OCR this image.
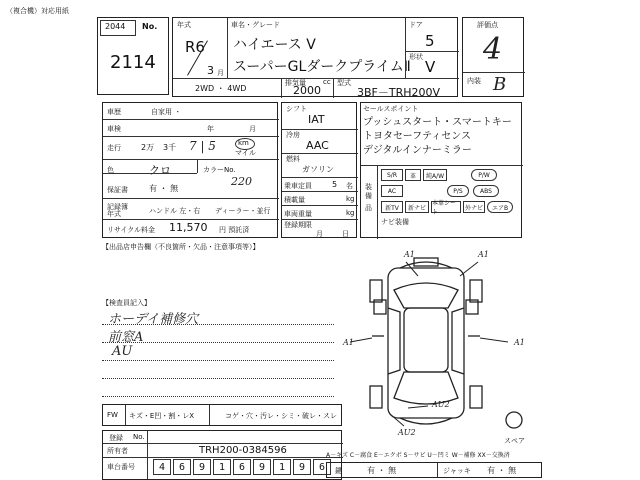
（複合機）対応用紙
2044 No.
2114
年式
R6
3 月
車名・グレード
ハイエース V
スーパーGLダークプライムⅡ
ドア
5
形状
V
2WD ・ 4WD
排気量
2000
cc 型式
3BF－TRH200V
評価点
4
内装 B
車歴	自家用 ・
車検	年	月
走行	2万 3千 7 | 5	km
マイル
色	クロ	カラーNo.
220
保証書	有 ・ 無
記録簿
年式	ハンドル 左・右 ディーラー・並行
リサイクル料金 11,570 円 預託済
【出品店申告欄（不良箇所・欠品・注意事項等）】
シフト
IAT
冷房
AAC
燃料
ガソリン
乗車定員	5 名
積載量	kg
車両重量	kg
登録期限
月	日
セールスポイント
プッシュスタート・スマートキー
トヨタセーフティセンス
デジタルインナーミラー
装備
品
S/R	革	純A/W	P/W
AC	P/S	ABS
新TV	新ナビ
本革シート
外ナビ	エアB
ナビ装備
A1	A1
A1
A1
AU2
AU2
スペア
【検査員記入】
ホーデイ補修穴
前窓A
AU
FW キズ・E凹・割・レX	コゲ・穴・汚レ・シミ・破レ・スレ
登録 No.
所有者	TRH200-0384596
車台番号	4	6	9	1	6	9	1	9	6
A－キズ C－腐食 E－エクボ S－サビ U－凹ミ W－補修 XX－交換済
鍵	有 ・ 無	ジャッキ 有 ・ 無
